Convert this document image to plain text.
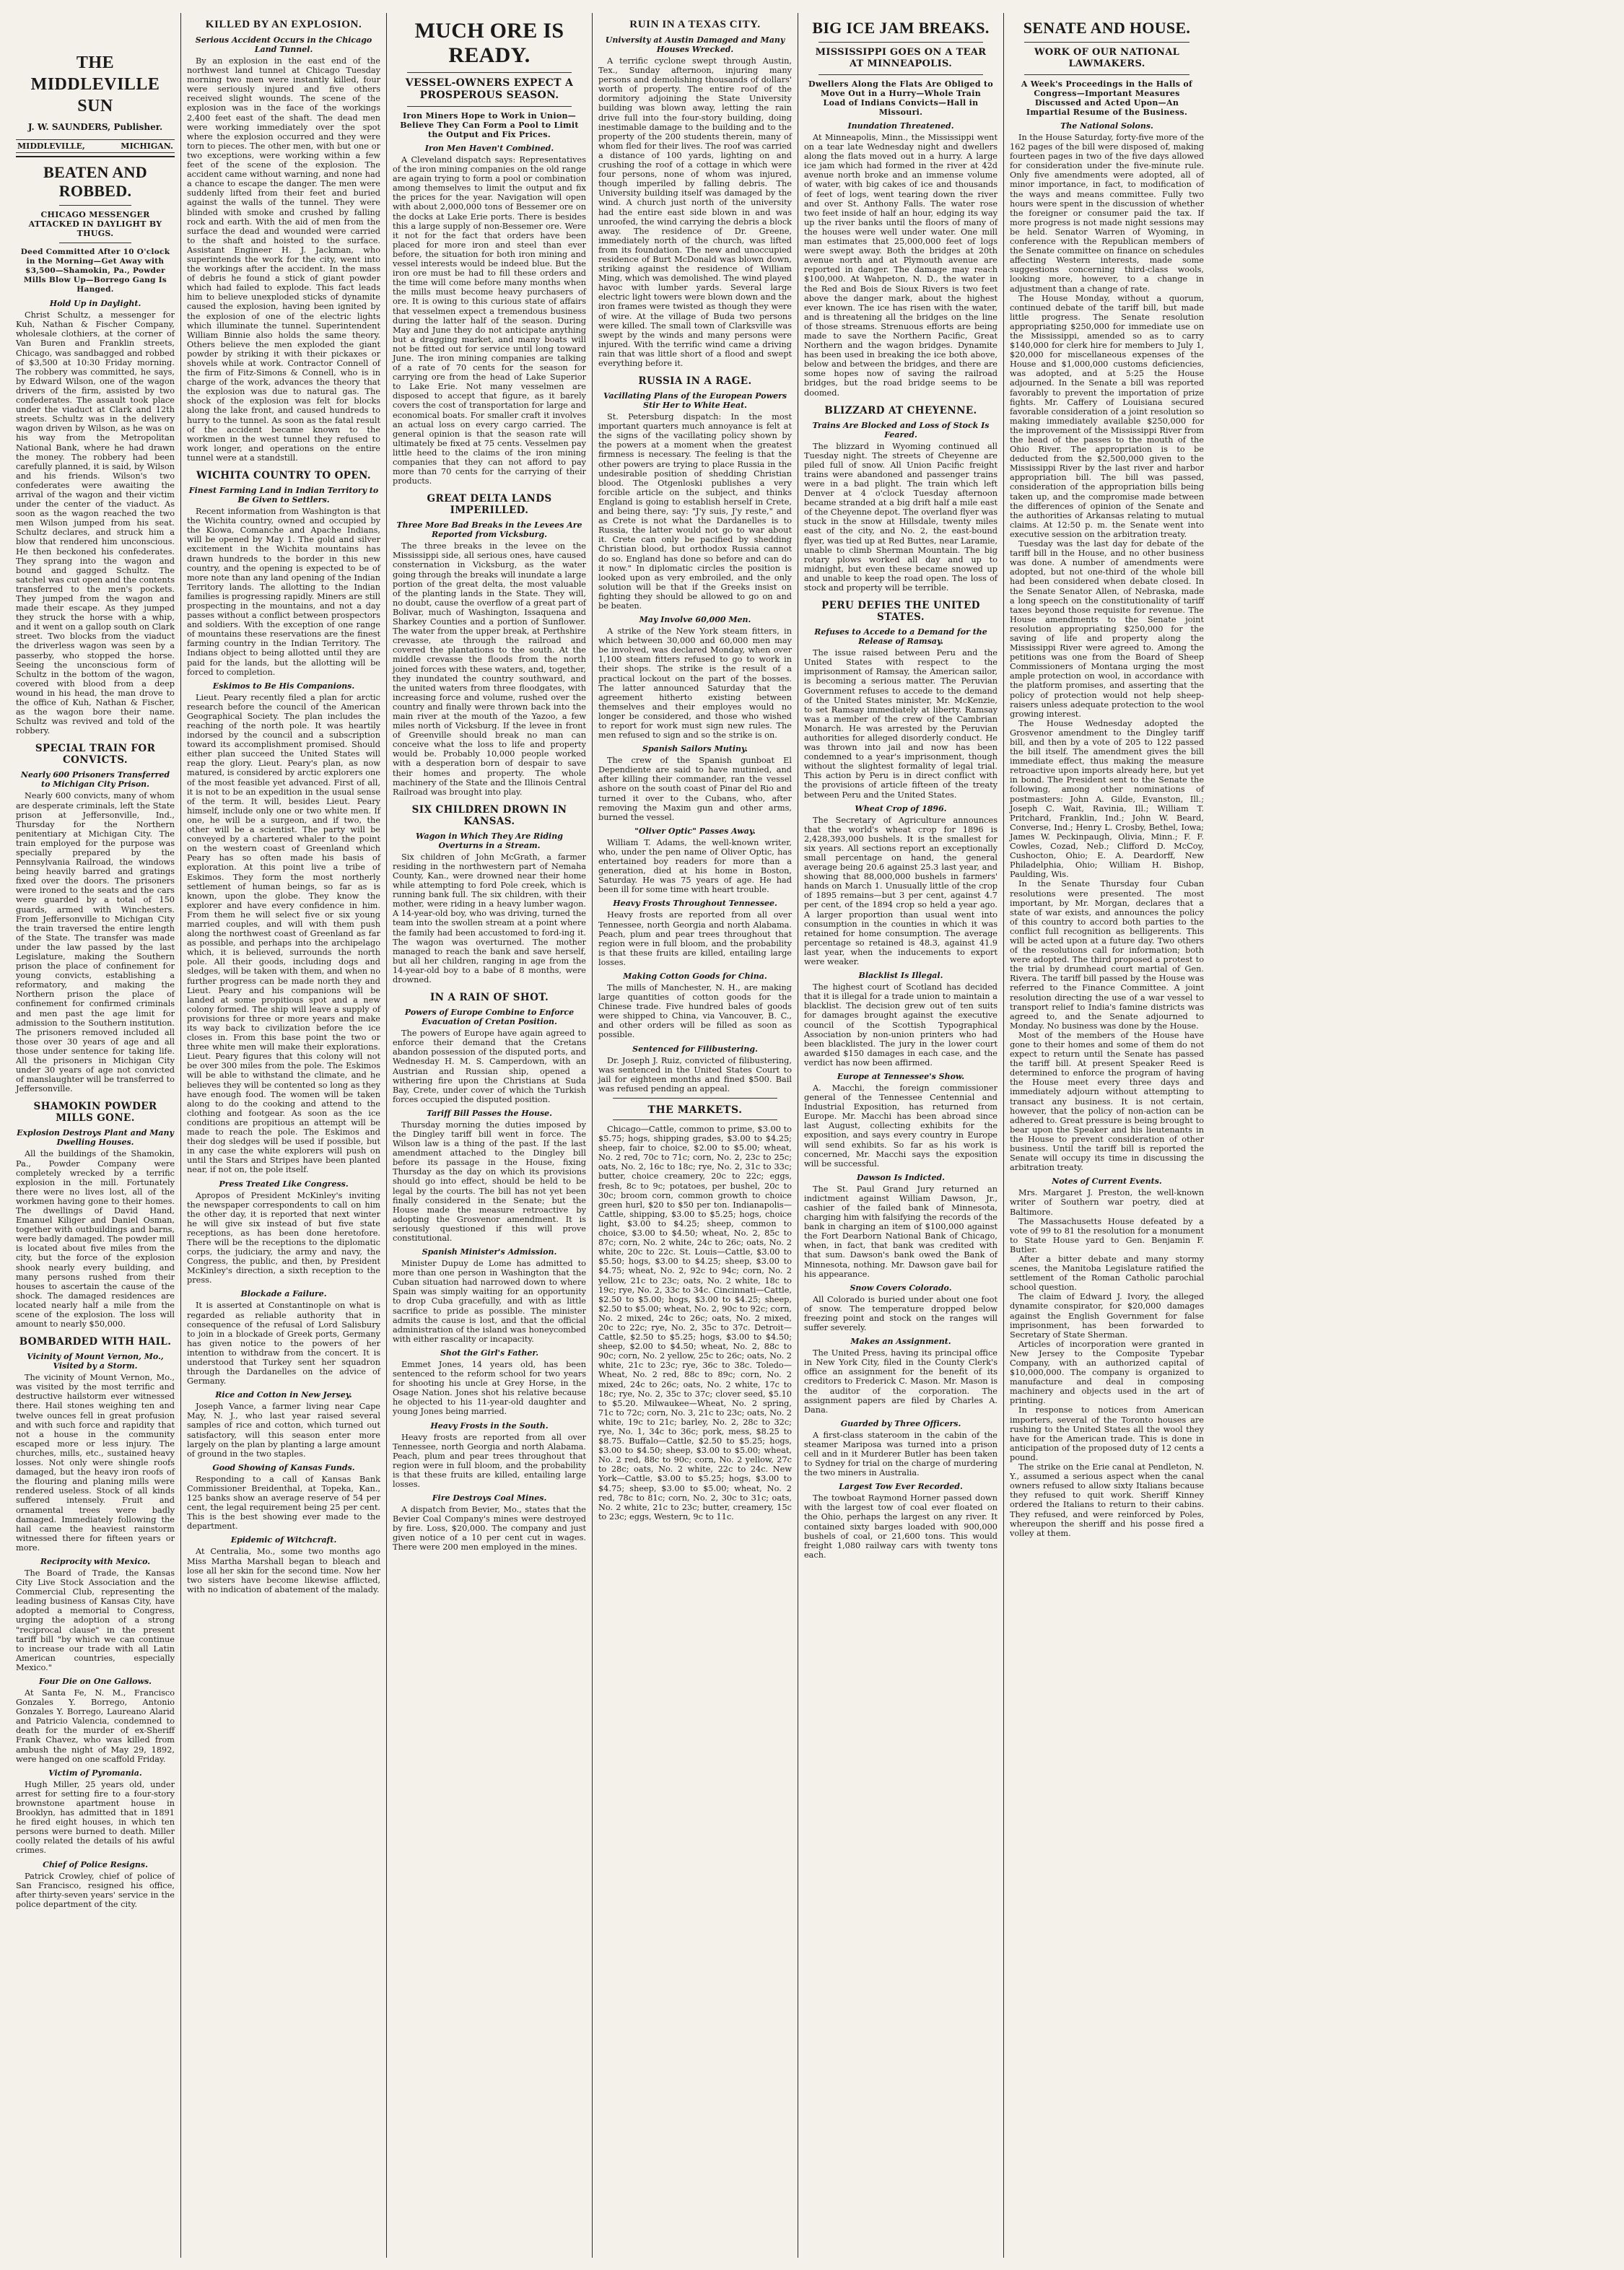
THE MIDDLEVILLE SUN
J. W. SAUNDERS, Publisher.
MIDDLEVILLE,	MICHIGAN.
BEATEN AND ROBBED.
CHICAGO MESSENGER ATTACKED IN DAYLIGHT BY THUGS.
Deed Committed After 10 O'clock in the Morning—Get Away with $3,500—Shamokin, Pa., Powder Mills Blow Up—Borrego Gang Is Hanged.
Hold Up in Daylight.

Christ Schultz, a messenger for Kuh, Nathan & Fischer Company, wholesale clothiers, at the corner of Van Buren and Franklin streets, Chicago, was sandbagged and robbed of $3,500 at 10:30 Friday morning. The robbery was committed, he says, by Edward Wilson, one of the wagon drivers of the firm, assisted by two confederates. The assault took place under the viaduct at Clark and 12th streets. Schultz was in the delivery wagon driven by Wilson, as he was on his way from the Metropolitan National Bank, where he had drawn the money. The robbery had been carefully planned, it is said, by Wilson and his friends. Wilson's two confederates were awaiting the arrival of the wagon and their victim under the center of the viaduct. As soon as the wagon reached the two men Wilson jumped from his seat. Schultz declares, and struck him a blow that rendered him unconscious. He then beckoned his confederates. They sprang into the wagon and bound and gagged Schultz. The satchel was cut open and the contents transferred to the men's pockets. They jumped from the wagon and made their escape. As they jumped they struck the horse with a whip, and it went on a gallop south on Clark street. Two blocks from the viaduct the driverless wagon was seen by a passerby, who stopped the horse. Seeing the unconscious form of Schultz in the bottom of the wagon, covered with blood from a deep wound in his head, the man drove to the office of Kuh, Nathan & Fischer, as the wagon bore their name. Schultz was revived and told of the robbery.

SPECIAL TRAIN FOR CONVICTS.
Nearly 600 Prisoners Transferred to Michigan City Prison.

Nearly 600 convicts, many of whom are desperate criminals, left the State prison at Jeffersonville, Ind., Thursday for the Northern penitentiary at Michigan City. The train employed for the purpose was specially prepared by the Pennsylvania Railroad, the windows being heavily barred and gratings fixed over the doors. The prisoners were ironed to the seats and the cars were guarded by a total of 150 guards, armed with Winchesters. From Jeffersonville to Michigan City the train traversed the entire length of the State. The transfer was made under the law passed by the last Legislature, making the Southern prison the place of confinement for young convicts, establishing a reformatory, and making the Northern prison the place of confinement for confirmed criminals and men past the age limit for admission to the Southern institution. The prisoners removed included all those over 30 years of age and all those under sentence for taking life. All the prisoners in Michigan City under 30 years of age not convicted of manslaughter will be transferred to Jeffersonville.

SHAMOKIN POWDER MILLS GONE.
Explosion Destroys Plant and Many Dwelling Houses.

All the buildings of the Shamokin, Pa., Powder Company were completely wrecked by a terrific explosion in the mill. Fortunately there were no lives lost, all of the workmen having gone to their homes. The dwellings of David Hand, Emanuel Kiliger and Daniel Osman, together with outbuildings and barns, were badly damaged. The powder mill is located about five miles from the city, but the force of the explosion shook nearly every building, and many persons rushed from their houses to ascertain the cause of the shock. The damaged residences are located nearly half a mile from the scene of the explosion. The loss will amount to nearly $50,000.

BOMBARDED WITH HAIL.
Vicinity of Mount Vernon, Mo., Visited by a Storm.

The vicinity of Mount Vernon, Mo., was visited by the most terrific and destructive hailstorm ever witnessed there. Hail stones weighing ten and twelve ounces fell in great profusion and with such force and rapidity that not a house in the community escaped more or less injury. The churches, mills, etc., sustained heavy losses. Not only were shingle roofs damaged, but the heavy iron roofs of the flouring and planing mills were rendered useless. Stock of all kinds suffered intensely. Fruit and ornamental trees were badly damaged. Immediately following the hail came the heaviest rainstorm witnessed there for fifteen years or more.

Reciprocity with Mexico.

The Board of Trade, the Kansas City Live Stock Association and the Commercial Club, representing the leading business of Kansas City, have adopted a memorial to Congress, urging the adoption of a strong "reciprocal clause" in the present tariff bill "by which we can continue to increase our trade with all Latin American countries, especially Mexico."

Four Die on One Gallows.

At Santa Fe, N. M., Francisco Gonzales Y. Borrego, Antonio Gonzales Y. Borrego, Laureano Alarid and Patricio Valencia, condemned to death for the murder of ex-Sheriff Frank Chavez, who was killed from ambush the night of May 29, 1892, were hanged on one scaffold Friday.

Victim of Pyromania.

Hugh Miller, 25 years old, under arrest for setting fire to a four-story brownstone apartment house in Brooklyn, has admitted that in 1891 he fired eight houses, in which ten persons were burned to death. Miller coolly related the details of his awful crimes.

Chief of Police Resigns.

Patrick Crowley, chief of police of San Francisco, resigned his office, after thirty-seven years' service in the police department of the city.

KILLED BY AN EXPLOSION.
Serious Accident Occurs in the Chicago Land Tunnel.

By an explosion in the east end of the northwest land tunnel at Chicago Tuesday morning two men were instantly killed, four were seriously injured and five others received slight wounds. The scene of the explosion was in the face of the workings 2,400 feet east of the shaft. The dead men were working immediately over the spot where the explosion occurred and they were torn to pieces. The other men, with but one or two exceptions, were working within a few feet of the scene of the explosion. The accident came without warning, and none had a chance to escape the danger. The men were suddenly lifted from their feet and buried against the walls of the tunnel. They were blinded with smoke and crushed by falling rock and earth. With the aid of men from the surface the dead and wounded were carried to the shaft and hoisted to the surface. Assistant Engineer H. J. Jackman, who superintends the work for the city, went into the workings after the accident. In the mass of debris he found a stick of giant powder which had failed to explode. This fact leads him to believe unexploded sticks of dynamite caused the explosion, having been ignited by the explosion of one of the electric lights which illuminate the tunnel. Superintendent William Binnie also holds the same theory. Others believe the men exploded the giant powder by striking it with their pickaxes or shovels while at work. Contractor Connell of the firm of Fitz-Simons & Connell, who is in charge of the work, advances the theory that the explosion was due to natural gas. The shock of the explosion was felt for blocks along the lake front, and caused hundreds to hurry to the tunnel. As soon as the fatal result of the accident became known to the workmen in the west tunnel they refused to work longer, and operations on the entire tunnel were at a standstill.

WICHITA COUNTRY TO OPEN.
Finest Farming Land in Indian Territory to Be Given to Settlers.

Recent information from Washington is that the Wichita country, owned and occupied by the Kiowa, Comanche and Apache Indians, will be opened by May 1. The gold and silver excitement in the Wichita mountains has drawn hundreds to the border in this new country, and the opening is expected to be of more note than any land opening of the Indian Territory lands. The allotting to the Indian families is progressing rapidly. Miners are still prospecting in the mountains, and not a day passes without a conflict between prospectors and soldiers. With the exception of one range of mountains these reservations are the finest farming country in the Indian Territory. The Indians object to being allotted until they are paid for the lands, but the allotting will be forced to completion.

Eskimos to Be His Companions.

Lieut. Peary recently filed a plan for arctic research before the council of the American Geographical Society. The plan includes the reaching of the north pole. It was heartily indorsed by the council and a subscription toward its accomplishment promised. Should either plan succeed the United States will reap the glory. Lieut. Peary's plan, as now matured, is considered by arctic explorers one of the most feasible yet advanced. First of all, it is not to be an expedition in the usual sense of the term. It will, besides Lieut. Peary himself, include only one or two white men. If one, he will be a surgeon, and if two, the other will be a scientist. The party will be conveyed by a chartered whaler to the point on the western coast of Greenland which Peary has so often made his basis of exploration. At this point live a tribe of Eskimos. They form the most northerly settlement of human beings, so far as is known, upon the globe. They know the explorer and have every confidence in him. From them he will select five or six young married couples, and will with them push along the northwest coast of Greenland as far as possible, and perhaps into the archipelago which, it is believed, surrounds the north pole. All their goods, including dogs and sledges, will be taken with them, and when no further progress can be made north they and Lieut. Peary and his companions will be landed at some propitious spot and a new colony formed. The ship will leave a supply of provisions for three or more years and make its way back to civilization before the ice closes in. From this base point the two or three white men will make their explorations. Lieut. Peary figures that this colony will not be over 300 miles from the pole. The Eskimos will be able to withstand the climate, and he believes they will be contented so long as they have enough food. The women will be taken along to do the cooking and attend to the clothing and footgear. As soon as the ice conditions are propitious an attempt will be made to reach the pole. The Eskimos and their dog sledges will be used if possible, but in any case the white explorers will push on until the Stars and Stripes have been planted near, if not on, the pole itself.

Press Treated Like Congress.

Apropos of President McKinley's inviting the newspaper correspondents to call on him the other day, it is reported that next winter he will give six instead of but five state receptions, as has been done heretofore. There will be the receptions to the diplomatic corps, the judiciary, the army and navy, the Congress, the public, and then, by President McKinley's direction, a sixth reception to the press.

Blockade a Failure.

It is asserted at Constantinople on what is regarded as reliable authority that in consequence of the refusal of Lord Salisbury to join in a blockade of Greek ports, Germany has given notice to the powers of her intention to withdraw from the concert. It is understood that Turkey sent her squadron through the Dardanelles on the advice of Germany.

Rice and Cotton in New Jersey.

Joseph Vance, a farmer living near Cape May, N. J., who last year raised several samples of rice and cotton, which turned out satisfactory, will this season enter more largely on the plan by planting a large amount of ground in the two staples.

Good Showing of Kansas Funds.

Responding to a call of Kansas Bank Commissioner Breidenthal, at Topeka, Kan., 125 banks show an average reserve of 54 per cent, the legal requirement being 25 per cent. This is the best showing ever made to the department.

Epidemic of Witchcraft.

At Centralia, Mo., some two months ago Miss Martha Marshall began to bleach and lose all her skin for the second time. Now her two sisters have become likewise afflicted, with no indication of abatement of the malady.

MUCH ORE IS READY.
VESSEL-OWNERS EXPECT A PROSPEROUS SEASON.
Iron Miners Hope to Work in Union—Believe They Can Form a Pool to Limit the Output and Fix Prices.
Iron Men Haven't Combined.

A Cleveland dispatch says: Representatives of the iron mining companies on the old range are again trying to form a pool or combination among themselves to limit the output and fix the prices for the year. Navigation will open with about 2,000,000 tons of Bessemer ore on the docks at Lake Erie ports. There is besides this a large supply of non-Bessemer ore. Were it not for the fact that orders have been placed for more iron and steel than ever before, the situation for both iron mining and vessel interests would be indeed blue. But the iron ore must be had to fill these orders and the time will come before many months when the mills must become heavy purchasers of ore. It is owing to this curious state of affairs that vesselmen expect a tremendous business during the latter half of the season. During May and June they do not anticipate anything but a dragging market, and many boats will not be fitted out for service until long toward June. The iron mining companies are talking of a rate of 70 cents for the season for carrying ore from the head of Lake Superior to Lake Erie. Not many vesselmen are disposed to accept that figure, as it barely covers the cost of transportation for large and economical boats. For smaller craft it involves an actual loss on every cargo carried. The general opinion is that the season rate will ultimately be fixed at 75 cents. Vesselmen pay little heed to the claims of the iron mining companies that they can not afford to pay more than 70 cents for the carrying of their products.

GREAT DELTA LANDS IMPERILLED.
Three More Bad Breaks in the Levees Are Reported from Vicksburg.

The three breaks in the levee on the Mississippi side, all serious ones, have caused consternation in Vicksburg, as the water going through the breaks will inundate a large portion of the great delta, the most valuable of the planting lands in the State. They will, no doubt, cause the overflow of a great part of Bolivar, much of Washington, Issaquena and Sharkey Counties and a portion of Sunflower. The water from the upper break, at Perthshire crevasse, ate through the railroad and covered the plantations to the south. At the middle crevasse the floods from the north joined forces with these waters, and, together, they inundated the country southward, and the united waters from three floodgates, with increasing force and volume, rushed over the country and finally were thrown back into the main river at the mouth of the Yazoo, a few miles north of Vicksburg. If the levee in front of Greenville should break no man can conceive what the loss to life and property would be. Probably 10,000 people worked with a desperation born of despair to save their homes and property. The whole machinery of the State and the Illinois Central Railroad was brought into play.

SIX CHILDREN DROWN IN KANSAS.
Wagon in Which They Are Riding Overturns in a Stream.

Six children of John McGrath, a farmer residing in the northwestern part of Nemaha County, Kan., were drowned near their home while attempting to ford Pole creek, which is running bank full. The six children, with their mother, were riding in a heavy lumber wagon. A 14-year-old boy, who was driving, turned the team into the swollen stream at a point where the family had been accustomed to ford-ing it. The wagon was overturned. The mother managed to reach the bank and save herself, but all her children, ranging in age from the 14-year-old boy to a babe of 8 months, were drowned.

IN A RAIN OF SHOT.
Powers of Europe Combine to Enforce Evacuation of Cretan Position.

The powers of Europe have again agreed to enforce their demand that the Cretans abandon possession of the disputed ports, and Wednesday H. M. S. Camperdown, with an Austrian and Russian ship, opened a withering fire upon the Christians at Suda Bay, Crete, under cover of which the Turkish forces occupied the disputed position.

Tariff Bill Passes the House.

Thursday morning the duties imposed by the Dingley tariff bill went in force. The Wilson law is a thing of the past. If the last amendment attached to the Dingley bill before its passage in the House, fixing Thursday as the day on which its provisions should go into effect, should be held to be legal by the courts. The bill has not yet been finally considered in the Senate; but the House made the measure retroactive by adopting the Grosvenor amendment. It is seriously questioned if this will prove constitutional.

Spanish Minister's Admission.

Minister Dupuy de Lome has admitted to more than one person in Washington that the Cuban situation had narrowed down to where Spain was simply waiting for an opportunity to drop Cuba gracefully, and with as little sacrifice to pride as possible. The minister admits the cause is lost, and that the official administration of the island was honeycombed with either rascality or incapacity.

Shot the Girl's Father.

Emmet Jones, 14 years old, has been sentenced to the reform school for two years for shooting his uncle at Grey Horse, in the Osage Nation. Jones shot his relative because he objected to his 11-year-old daughter and young Jones being married.

Heavy Frosts in the South.

Heavy frosts are reported from all over Tennessee, north Georgia and north Alabama. Peach, plum and pear trees throughout that region were in full bloom, and the probability is that these fruits are killed, entailing large losses.

Fire Destroys Coal Mines.

A dispatch from Bevier, Mo., states that the Bevier Coal Company's mines were destroyed by fire. Loss, $20,000. The company and just given notice of a 10 per cent cut in wages. There were 200 men employed in the mines.

RUIN IN A TEXAS CITY.
University at Austin Damaged and Many Houses Wrecked.

A terrific cyclone swept through Austin, Tex., Sunday afternoon, injuring many persons and demolishing thousands of dollars' worth of property. The entire roof of the dormitory adjoining the State University building was blown away, letting the rain drive full into the four-story building, doing inestimable damage to the building and to the property of the 200 students therein, many of whom fled for their lives. The roof was carried a distance of 100 yards, lighting on and crushing the roof of a cottage in which were four persons, none of whom was injured, though imperiled by falling debris. The University building itself was damaged by the wind. A church just north of the university had the entire east side blown in and was unroofed, the wind carrying the debris a block away. The residence of Dr. Greene, immediately north of the church, was lifted from its foundation. The new and unoccupied residence of Burt McDonald was blown down, striking against the residence of William Ming, which was demolished. The wind played havoc with lumber yards. Several large electric light towers were blown down and the iron frames were twisted as though they were of wire. At the village of Buda two persons were killed. The small town of Clarksville was swept by the winds and many persons were injured. With the terrific wind came a driving rain that was little short of a flood and swept everything before it.

RUSSIA IN A RAGE.
Vacillating Plans of the European Powers Stir Her to White Heat.

St. Petersburg dispatch: In the most important quarters much annoyance is felt at the signs of the vacillating policy shown by the powers at a moment when the greatest firmness is necessary. The feeling is that the other powers are trying to place Russia in the undesirable position of shedding Christian blood. The Otgenloski publishes a very forcible article on the subject, and thinks England is going to establish herself in Crete, and being there, say: "J'y suis, J'y reste," and as Crete is not what the Dardanelles is to Russia, the latter would not go to war about it. Crete can only be pacified by shedding Christian blood, but orthodox Russia cannot do so. England has done so before and can do it now." In diplomatic circles the position is looked upon as very embroiled, and the only solution will be that if the Greeks insist on fighting they should be allowed to go on and be beaten.

May Involve 60,000 Men.

A strike of the New York steam fitters, in which between 30,000 and 60,000 men may be involved, was declared Monday, when over 1,100 steam fitters refused to go to work in their shops. The strike is the result of a practical lockout on the part of the bosses. The latter announced Saturday that the agreement hitherto existing between themselves and their employes would no longer be considered, and those who wished to report for work must sign new rules. The men refused to sign and so the strike is on.

Spanish Sailors Mutiny.

The crew of the Spanish gunboat El Dependiente are said to have mutinied, and after killing their commander, ran the vessel ashore on the south coast of Pinar del Rio and turned it over to the Cubans, who, after removing the Maxim gun and other arms, burned the vessel.

"Oliver Optic" Passes Away.

William T. Adams, the well-known writer, who, under the pen name of Oliver Optic, has entertained boy readers for more than a generation, died at his home in Boston, Saturday. He was 75 years of age. He had been ill for some time with heart trouble.

Heavy Frosts Throughout Tennessee.

Heavy frosts are reported from all over Tennessee, north Georgia and north Alabama. Peach, plum and pear trees throughout that region were in full bloom, and the probability is that these fruits are killed, entailing large losses.

Making Cotton Goods for China.

The mills of Manchester, N. H., are making large quantities of cotton goods for the Chinese trade. Five hundred bales of goods were shipped to China, via Vancouver, B. C., and other orders will be filled as soon as possible.

Sentenced for Filibustering.

Dr. Joseph J. Ruiz, convicted of filibustering, was sentenced in the United States Court to jail for eighteen months and fined $500. Bail was refused pending an appeal.

THE MARKETS.

Chicago—Cattle, common to prime, $3.00 to $5.75; hogs, shipping grades, $3.00 to $4.25; sheep, fair to choice, $2.00 to $5.00; wheat, No. 2 red, 70c to 71c; corn, No. 2, 23c to 25c; oats, No. 2, 16c to 18c; rye, No. 2, 31c to 33c; butter, choice creamery, 20c to 22c; eggs, fresh, 8c to 9c; potatoes, per bushel, 20c to 30c; broom corn, common growth to choice green hurl, $20 to $50 per ton. Indianapolis—Cattle, shipping, $3.00 to $5.25; hogs, choice light, $3.00 to $4.25; sheep, common to choice, $3.00 to $4.50; wheat, No. 2, 85c to 87c; corn, No. 2 white, 24c to 26c; oats, No. 2 white, 20c to 22c. St. Louis—Cattle, $3.00 to $5.50; hogs, $3.00 to $4.25; sheep, $3.00 to $4.75; wheat, No. 2, 92c to 94c; corn, No. 2 yellow, 21c to 23c; oats, No. 2 white, 18c to 19c; rye, No. 2, 33c to 34c. Cincinnati—Cattle, $2.50 to $5.00; hogs, $3.00 to $4.25; sheep, $2.50 to $5.00; wheat, No. 2, 90c to 92c; corn, No. 2 mixed, 24c to 26c; oats, No. 2 mixed, 20c to 22c; rye, No. 2, 35c to 37c. Detroit—Cattle, $2.50 to $5.25; hogs, $3.00 to $4.50; sheep, $2.00 to $4.50; wheat, No. 2, 88c to 90c; corn, No. 2 yellow, 25c to 26c; oats, No. 2 white, 21c to 23c; rye, 36c to 38c. Toledo—Wheat, No. 2 red, 88c to 89c; corn, No. 2 mixed, 24c to 26c; oats, No. 2 white, 17c to 18c; rye, No. 2, 35c to 37c; clover seed, $5.10 to $5.20. Milwaukee—Wheat, No. 2 spring, 71c to 72c; corn, No. 3, 21c to 23c; oats, No. 2 white, 19c to 21c; barley, No. 2, 28c to 32c; rye, No. 1, 34c to 36c; pork, mess, $8.25 to $8.75. Buffalo—Cattle, $2.50 to $5.25; hogs, $3.00 to $4.50; sheep, $3.00 to $5.00; wheat, No. 2 red, 88c to 90c; corn, No. 2 yellow, 27c to 28c; oats, No. 2 white, 22c to 24c. New York—Cattle, $3.00 to $5.25; hogs, $3.00 to $4.75; sheep, $3.00 to $5.00; wheat, No. 2 red, 78c to 81c; corn, No. 2, 30c to 31c; oats, No. 2 white, 21c to 23c; butter, creamery, 15c to 23c; eggs, Western, 9c to 11c.

BIG ICE JAM BREAKS.
MISSISSIPPI GOES ON A TEAR AT MINNEAPOLIS.
Dwellers Along the Flats Are Obliged to Move Out in a Hurry—Whole Train Load of Indians Convicts—Hall in Missouri.
Inundation Threatened.

At Minneapolis, Minn., the Mississippi went on a tear late Wednesday night and dwellers along the flats moved out in a hurry. A large ice jam which had formed in the river at 42d avenue north broke and an immense volume of water, with big cakes of ice and thousands of feet of logs, went tearing down the river and over St. Anthony Falls. The water rose two feet inside of half an hour, edging its way up the river banks until the floors of many of the houses were well under water. One mill man estimates that 25,000,000 feet of logs were swept away. Both the bridges at 20th avenue north and at Plymouth avenue are reported in danger. The damage may reach $100,000. At Wahpeton, N. D., the water in the Red and Bois de Sioux Rivers is two feet above the danger mark, about the highest ever known. The ice has risen with the water, and is threatening all the bridges on the line of those streams. Strenuous efforts are being made to save the Northern Pacific, Great Northern and the wagon bridges. Dynamite has been used in breaking the ice both above, below and between the bridges, and there are some hopes now of saving the railroad bridges, but the road bridge seems to be doomed.

BLIZZARD AT CHEYENNE.
Trains Are Blocked and Loss of Stock Is Feared.

The blizzard in Wyoming continued all Tuesday night. The streets of Cheyenne are piled full of snow. All Union Pacific freight trains were abandoned and passenger trains were in a bad plight. The train which left Denver at 4 o'clock Tuesday afternoon became stranded at a big drift half a mile east of the Cheyenne depot. The overland flyer was stuck in the snow at Hillsdale, twenty miles east of the city, and No. 2, the east-bound flyer, was tied up at Red Buttes, near Laramie, unable to climb Sherman Mountain. The big rotary plows worked all day and up to midnight, but even these became snowed up and unable to keep the road open. The loss of stock and property will be terrible.

PERU DEFIES THE UNITED STATES.
Refuses to Accede to a Demand for the Release of Ramsay.

The issue raised between Peru and the United States with respect to the imprisonment of Ramsay, the American sailor, is becoming a serious matter. The Peruvian Government refuses to accede to the demand of the United States minister, Mr. McKenzie, to set Ramsay immediately at liberty. Ramsay was a member of the crew of the Cambrian Monarch. He was arrested by the Peruvian authorities for alleged disorderly conduct. He was thrown into jail and now has been condemned to a year's imprisonment, though without the slightest formality of legal trial. This action by Peru is in direct conflict with the provisions of article fifteen of the treaty between Peru and the United States.

Wheat Crop of 1896.

The Secretary of Agriculture announces that the world's wheat crop for 1896 is 2,428,393,000 bushels. It is the smallest for six years. All sections report an exceptionally small percentage on hand, the general average being 20.6 against 25.3 last year, and showing that 88,000,000 bushels in farmers' hands on March 1. Unusually little of the crop of 1895 remains—but 3 per cent, against 4.7 per cent, of the 1894 crop so held a year ago. A larger proportion than usual went into consumption in the counties in which it was retained for home consumption. The average percentage so retained is 48.3, against 41.9 last year, when the inducements to export were weaker.

Blacklist Is Illegal.

The highest court of Scotland has decided that it is illegal for a trade union to maintain a blacklist. The decision grew out of ten suits for damages brought against the executive council of the Scottish Typographical Association by non-union printers who had been blacklisted. The jury in the lower court awarded $150 damages in each case, and the verdict has now been affirmed.

Europe at Tennessee's Show.

A. Macchi, the foreign commissioner general of the Tennessee Centennial and Industrial Exposition, has returned from Europe. Mr. Macchi has been abroad since last August, collecting exhibits for the exposition, and says every country in Europe will send exhibits. So far as his work is concerned, Mr. Macchi says the exposition will be successful.

Dawson Is Indicted.

The St. Paul Grand Jury returned an indictment against William Dawson, Jr., cashier of the failed bank of Minnesota, charging him with falsifying the records of the bank in charging an item of $100,000 against the Fort Dearborn National Bank of Chicago, when, in fact, that bank was credited with that sum. Dawson's bank owed the Bank of Minnesota, nothing. Mr. Dawson gave bail for his appearance.

Snow Covers Colorado.

All Colorado is buried under about one foot of snow. The temperature dropped below freezing point and stock on the ranges will suffer severely.

Makes an Assignment.

The United Press, having its principal office in New York City, filed in the County Clerk's office an assignment for the benefit of its creditors to Frederick C. Mason. Mr. Mason is the auditor of the corporation. The assignment papers are filed by Charles A. Dana.

Guarded by Three Officers.

A first-class stateroom in the cabin of the steamer Mariposa was turned into a prison cell and in it Murderer Butler has been taken to Sydney for trial on the charge of murdering the two miners in Australia.

Largest Tow Ever Recorded.

The towboat Raymond Horner passed down with the largest tow of coal ever floated on the Ohio, perhaps the largest on any river. It contained sixty barges loaded with 900,000 bushels of coal, or 21,600 tons. This would freight 1,080 railway cars with twenty tons each.

SENATE AND HOUSE.
WORK OF OUR NATIONAL LAWMAKERS.
A Week's Proceedings in the Halls of Congress—Important Measures Discussed and Acted Upon—An Impartial Resume of the Business.
The National Solons.

In the House Saturday, forty-five more of the 162 pages of the bill were disposed of, making fourteen pages in two of the five days allowed for consideration under the five-minute rule. Only five amendments were adopted, all of minor importance, in fact, to modification of the ways and means committee. Fully two hours were spent in the discussion of whether the foreigner or consumer paid the tax. If more progress is not made night sessions may be held. Senator Warren of Wyoming, in conference with the Republican members of the Senate committee on finance on schedules affecting Western interests, made some suggestions concerning third-class wools, looking more, however, to a change in adjustment than a change of rate.

The House Monday, without a quorum, continued debate of the tariff bill, but made little progress. The Senate resolution appropriating $250,000 for immediate use on the Mississippi, amended so as to carry $140,000 for clerk hire for members to July 1, $20,000 for miscellaneous expenses of the House and $1,000,000 customs deficiencies, was adopted, and at 5:25 the House adjourned. In the Senate a bill was reported favorably to prevent the importation of prize fights. Mr. Caffery of Louisiana secured favorable consideration of a joint resolution so making immediately available $250,000 for the improvement of the Mississippi River from the head of the passes to the mouth of the Ohio River. The appropriation is to be deducted from the $2,500,000 given to the Mississippi River by the last river and harbor appropriation bill. The bill was passed, consideration of the appropriation bills being taken up, and the compromise made between the differences of opinion of the Senate and the authorities of Arkansas relating to mutual claims. At 12:50 p. m. the Senate went into executive session on the arbitration treaty.

Tuesday was the last day for debate of the tariff bill in the House, and no other business was done. A number of amendments were adopted, but not one-third of the whole bill had been considered when debate closed. In the Senate Senator Allen, of Nebraska, made a long speech on the constitutionality of tariff taxes beyond those requisite for revenue. The House amendments to the Senate joint resolution appropriating $250,000 for the saving of life and property along the Mississippi River were agreed to. Among the petitions was one from the Board of Sheep Commissioners of Montana urging the most ample protection on wool, in accordance with the platform promises, and asserting that the policy of protection would not help sheep-raisers unless adequate protection to the wool growing interest.

The House Wednesday adopted the Grosvenor amendment to the Dingley tariff bill, and then by a vote of 205 to 122 passed the bill itself. The amendment gives the bill immediate effect, thus making the measure retroactive upon imports already here, but yet in bond. The President sent to the Senate the following, among other nominations of postmasters: John A. Gilde, Evanston, Ill.; Joseph C. Wait, Ravinia, Ill.; William T. Pritchard, Franklin, Ind.; John W. Beard, Converse, Ind.; Henry L. Crosby, Bethel, Iowa; James W. Peckinpaugh, Olivia, Minn.; F. F. Cowles, Cozad, Neb.; Clifford D. McCoy, Cushocton, Ohio; E. A. Deardorff, New Philadelphia, Ohio; William H. Bishop, Paulding, Wis.

In the Senate Thursday four Cuban resolutions were presented. The most important, by Mr. Morgan, declares that a state of war exists, and announces the policy of this country to accord both parties to the conflict full recognition as belligerents. This will be acted upon at a future day. Two others of the resolutions call for information; both were adopted. The third proposed a protest to the trial by drumhead court martial of Gen. Rivera. The tariff bill passed by the House was referred to the Finance Committee. A joint resolution directing the use of a war vessel to transport relief to India's famine districts was agreed to, and the Senate adjourned to Monday. No business was done by the House.

Most of the members of the House have gone to their homes and some of them do not expect to return until the Senate has passed the tariff bill. At present Speaker Reed is determined to enforce the program of having the House meet every three days and immediately adjourn without attempting to transact any business. It is not certain, however, that the policy of non-action can be adhered to. Great pressure is being brought to bear upon the Speaker and his lieutenants in the House to prevent consideration of other business. Until the tariff bill is reported the Senate will occupy its time in discussing the arbitration treaty.

Notes of Current Events.

Mrs. Margaret J. Preston, the well-known writer of Southern war poetry, died at Baltimore.

The Massachusetts House defeated by a vote of 99 to 81 the resolution for a monument to State House yard to Gen. Benjamin F. Butler.

After a bitter debate and many stormy scenes, the Manitoba Legislature ratified the settlement of the Roman Catholic parochial school question.

The claim of Edward J. Ivory, the alleged dynamite conspirator, for $20,000 damages against the English Government for false imprisonment, has been forwarded to Secretary of State Sherman.

Articles of incorporation were granted in New Jersey to the Composite Typebar Company, with an authorized capital of $10,000,000. The company is organized to manufacture and deal in composing machinery and objects used in the art of printing.

In response to notices from American importers, several of the Toronto houses are rushing to the United States all the wool they have for the American trade. This is done in anticipation of the proposed duty of 12 cents a pound.

The strike on the Erie canal at Pendleton, N. Y., assumed a serious aspect when the canal owners refused to allow sixty Italians because they refused to quit work. Sheriff Kinney ordered the Italians to return to their cabins. They refused, and were reinforced by Poles, whereupon the sheriff and his posse fired a volley at them.
